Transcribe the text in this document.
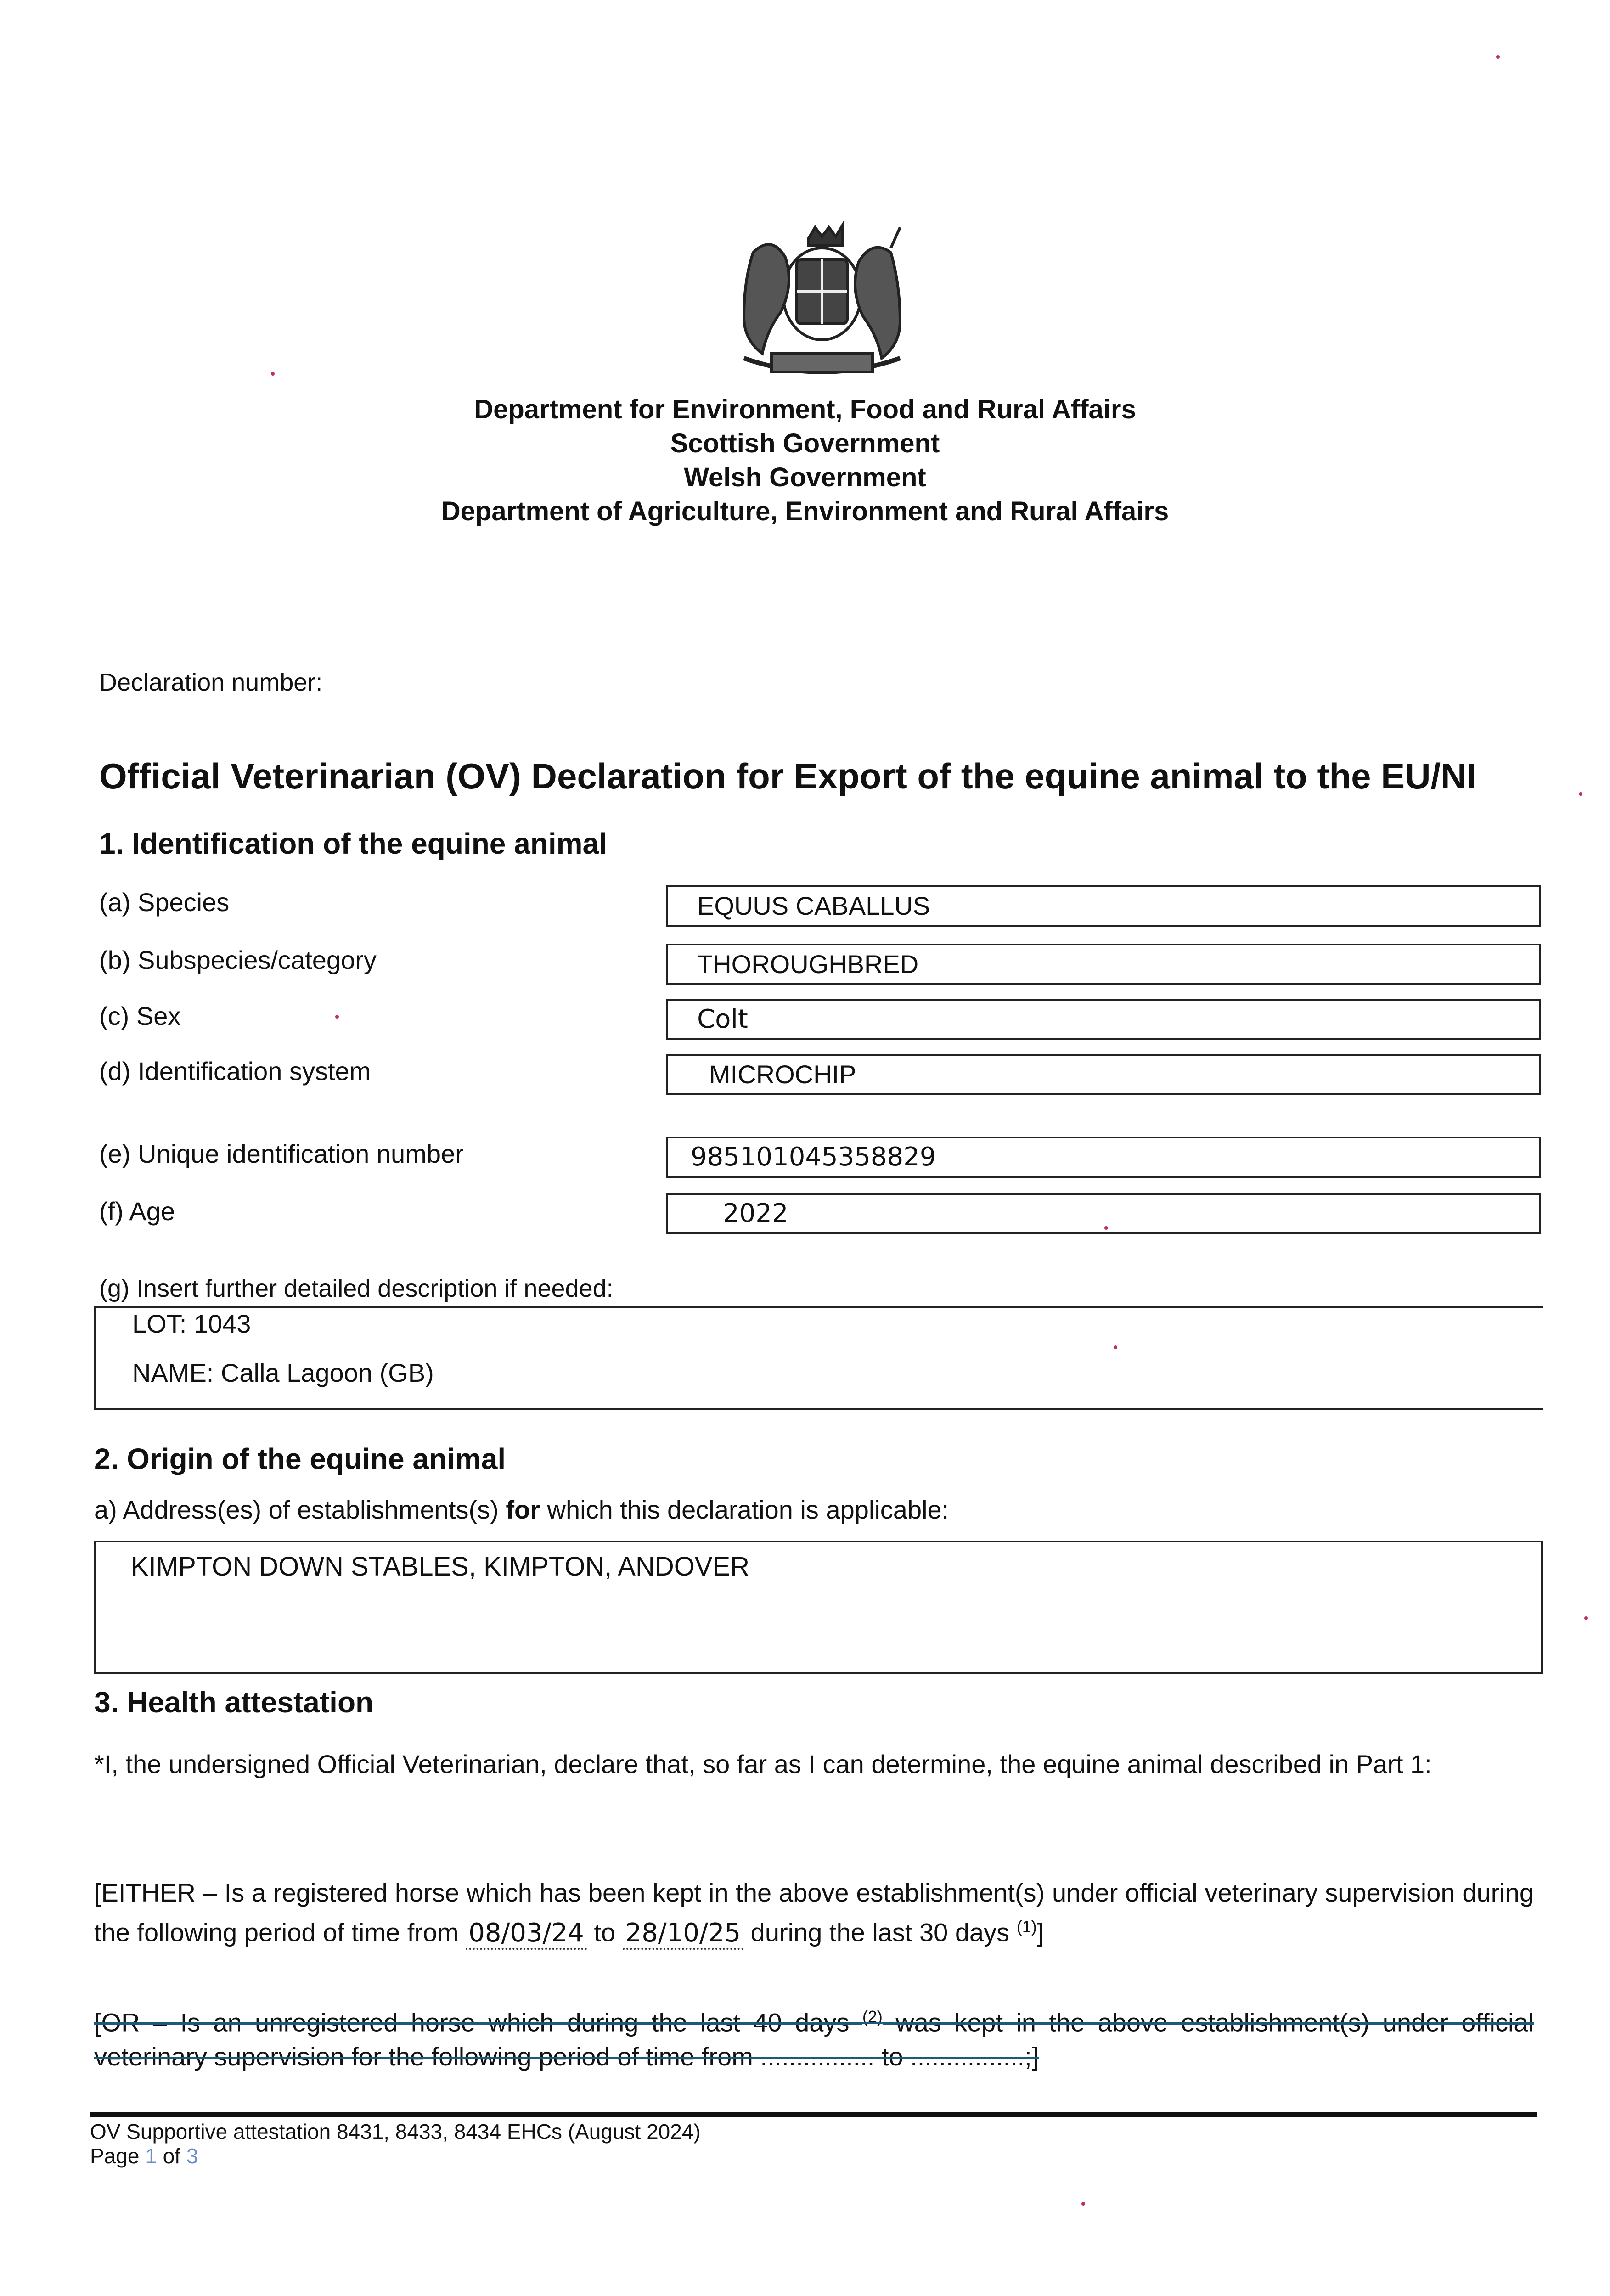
Department for Environment, Food and Rural Affairs
Scottish Government
Welsh Government
Department of Agriculture, Environment and Rural Affairs
Declaration number:
Official Veterinarian (OV) Declaration for Export of the equine animal to the EU/NI
1. Identification of the equine animal
(a) Species	EQUUS CABALLUS
(b) Subspecies/category	THOROUGHBRED
(c) Sex	Colt
(d) Identification system	MICROCHIP
(e) Unique identification number	985101045358829
(f) Age	2022
(g) Insert further detailed description if needed:
LOT: 1043
NAME: Calla Lagoon (GB)
2. Origin of the equine animal
a) Address(es) of establishments(s) for which this declaration is applicable:
KIMPTON DOWN STABLES, KIMPTON, ANDOVER
3. Health attestation
*I, the undersigned Official Veterinarian, declare that, so far as I can determine, the equine animal described in Part 1:
[EITHER – Is a registered horse which has been kept in the above establishment(s) under official veterinary supervision during the following period of time from 08/03/24 to 28/10/25 during the last 30 days $^{(1)}$]
[OR – Is an unregistered horse which during the last 40 days $^{(2)}$ was kept in the above establishment(s) under official veterinary supervision for the following period of time from ................ to ................;]
OV Supportive attestation 8431, 8433, 8434 EHCs (August 2024)
Page 1 of 3
